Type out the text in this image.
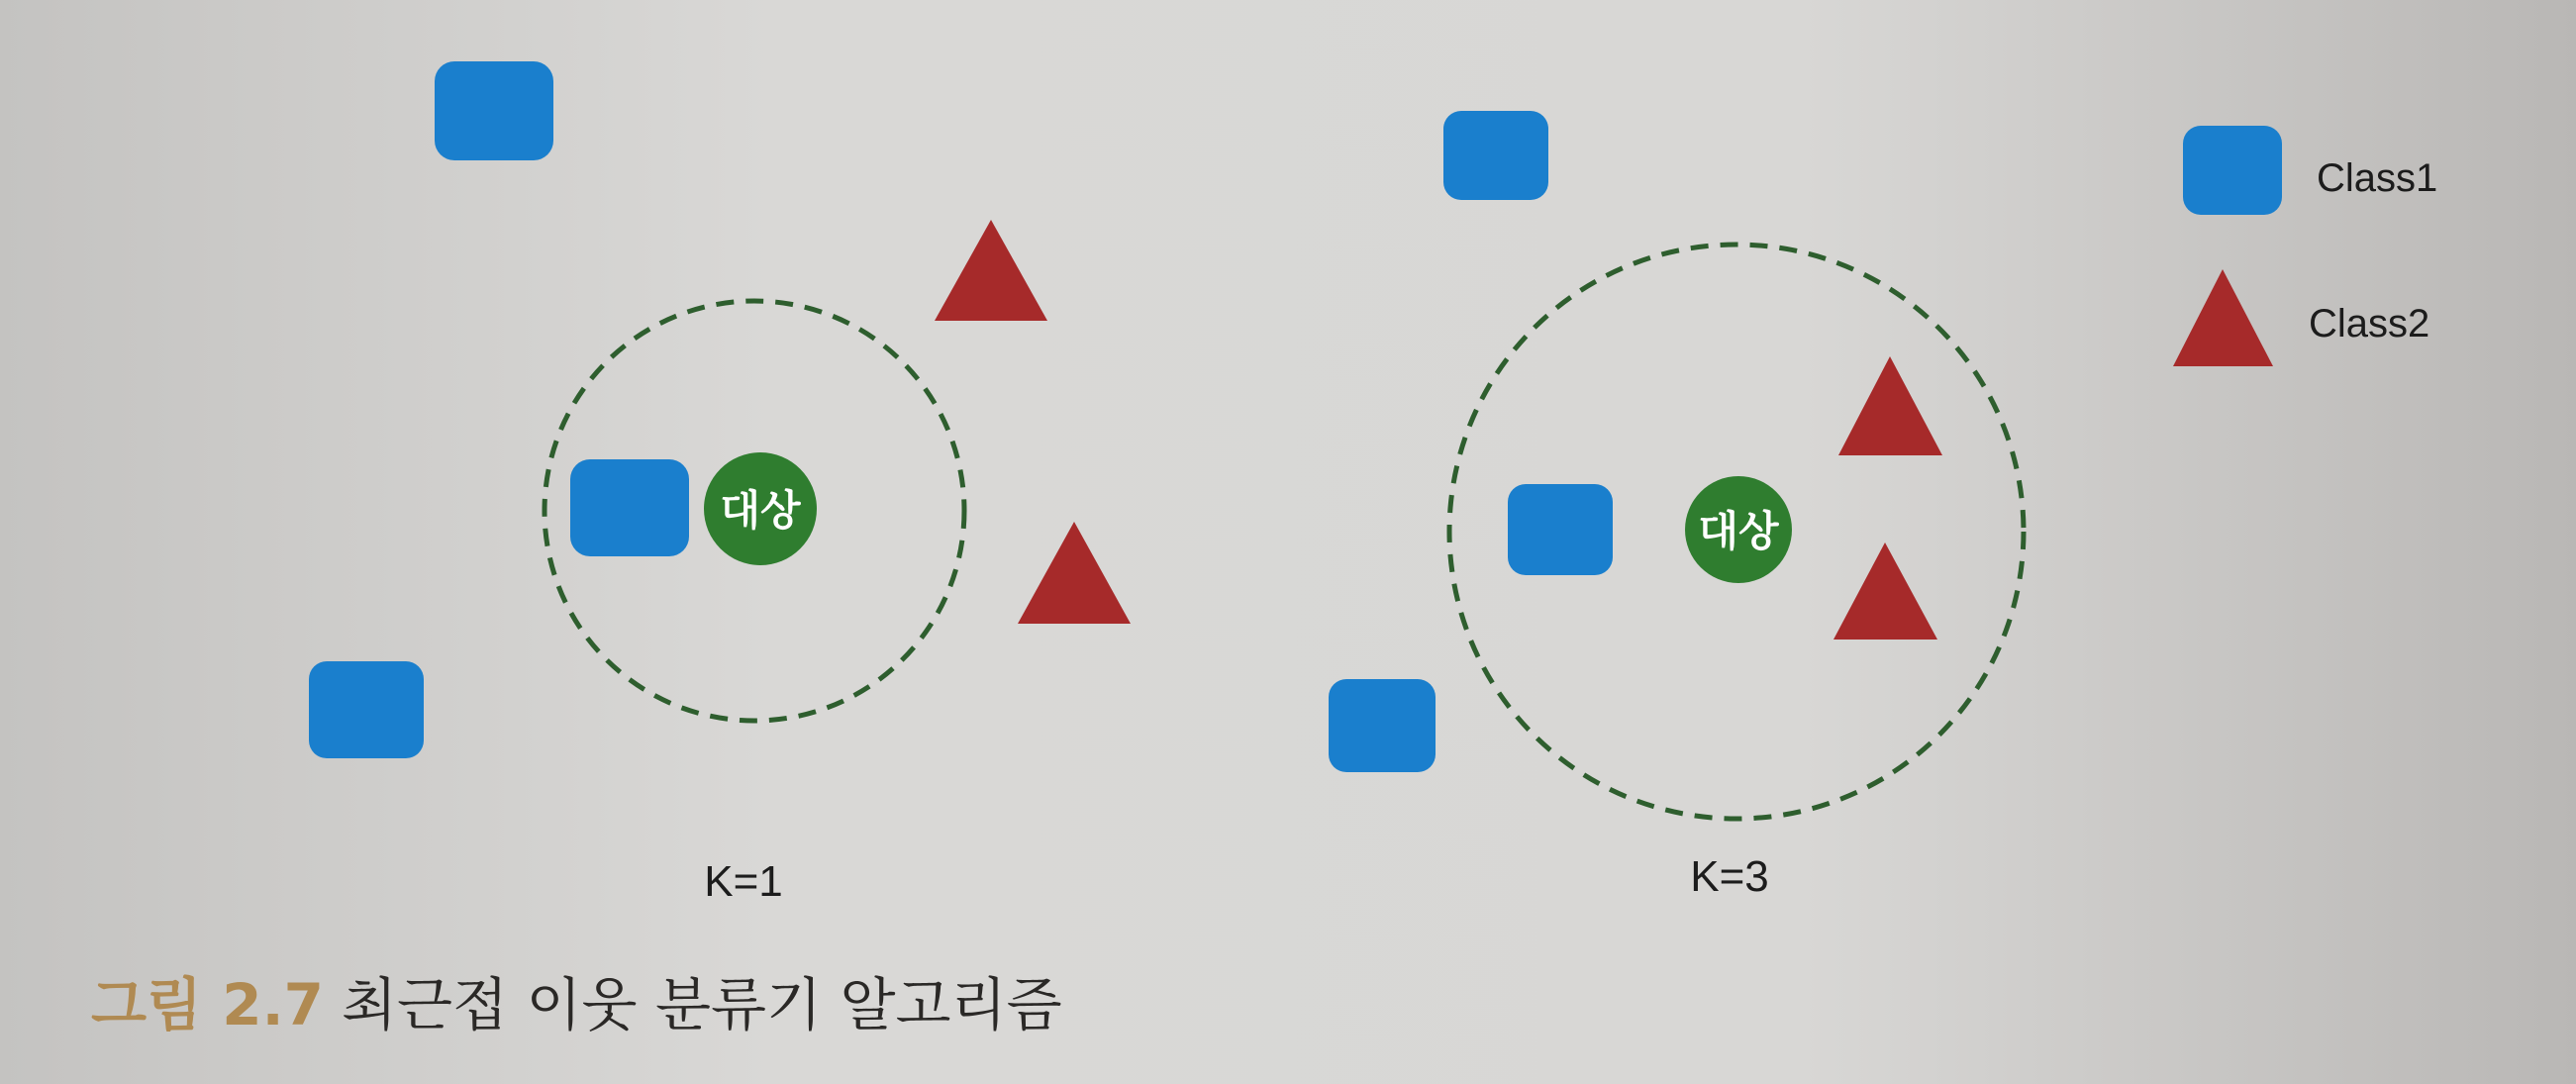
대상
K=1
대상
K=3
Class1
Class2
그림 2.7 최근접 이웃 분류기 알고리즘
